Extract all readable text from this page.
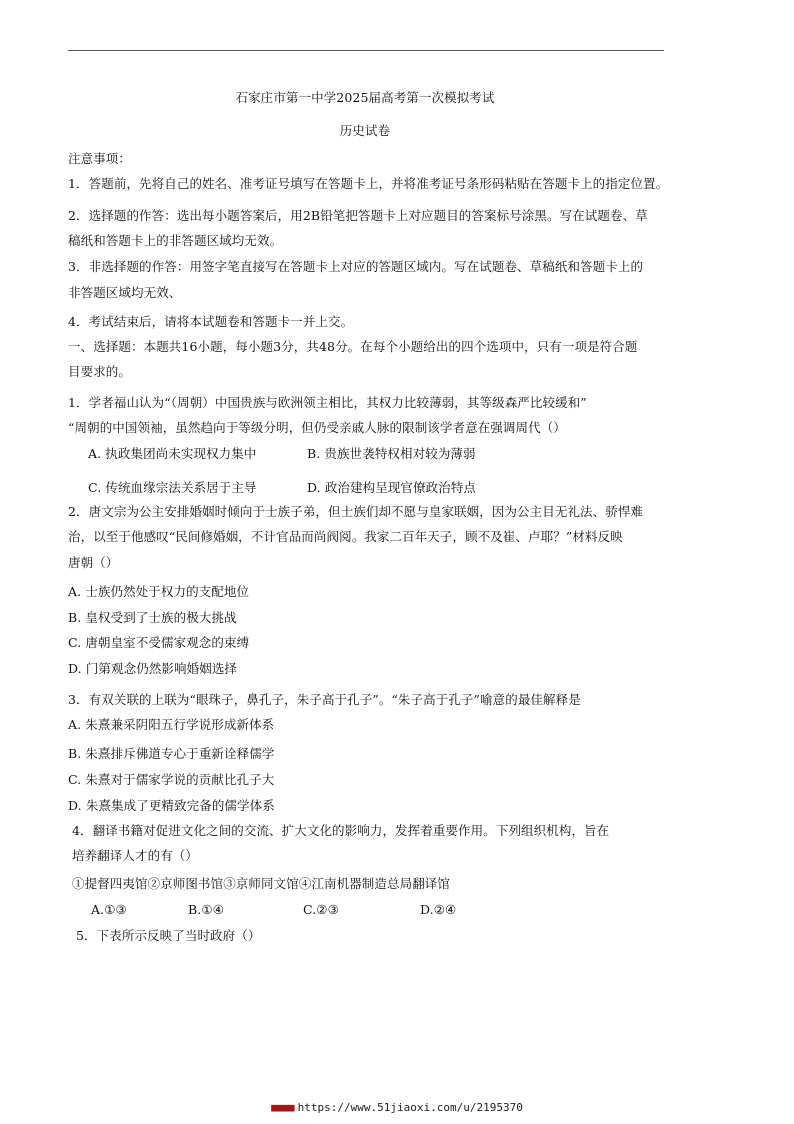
石家庄市第一中学2025届高考第一次模拟考试
历史试卷
注意事项：
1．答题前，先将自己的姓名、准考证号填写在答题卡上，并将准考证号条形码粘贴在答题卡上的指定位置。
2．选择题的作答：选出每小题答案后，用2B铅笔把答题卡上对应题目的答案标号涂黑。写在试题卷、草
稿纸和答题卡上的非答题区域均无效。
3．非选择题的作答：用签字笔直接写在答题卡上对应的答题区域内。写在试题卷、草稿纸和答题卡上的
非答题区域均无效、
4．考试结束后，请将本试题卷和答题卡一并上交。
一、选择题：本题共16小题，每小题3分，共48分。在每个小题给出的四个选项中，只有一项是符合题
目要求的。
1．学者福山认为“（周朝）中国贵族与欧洲领主相比，其权力比较薄弱，其等级森严比较缓和”
“周朝的中国领袖，虽然趋向于等级分明，但仍受亲戚人脉的限制该学者意在强调周代（）
A. 执政集团尚未实现权力集中	B. 贵族世袭特权相对较为薄弱
C. 传统血缘宗法关系居于主导	D. 政治建构呈现官僚政治特点
2．唐文宗为公主安排婚姻时倾向于士族子弟，但士族们却不愿与皇家联姻，因为公主目无礼法、骄悍难
治，以至于他感叹“民间修婚姻，不计官品而尚阀阅。我家二百年天子，顾不及崔、卢耶？”材料反映
唐朝（）
A. 士族仍然处于权力的支配地位
B. 皇权受到了士族的极大挑战
C. 唐朝皇室不受儒家观念的束缚
D. 门第观念仍然影响婚姻选择
3．有双关联的上联为“眼珠子，鼻孔子，朱子高于孔子”。“朱子高于孔子”喻意的最佳解释是
A. 朱熹兼采阴阳五行学说形成新体系
B. 朱熹排斥佛道专心于重新诠释儒学
C. 朱熹对于儒家学说的贡献比孔子大
D. 朱熹集成了更精致完备的儒学体系
4．翻译书籍对促进文化之间的交流、扩大文化的影响力，发挥着重要作用。下列组织机构，旨在
培养翻译人才的有（）
①提督四夷馆②京师图书馆③京师同文馆④江南机器制造总局翻译馆
A.①③	B.①④	C.②③	D.②④
5．下表所示反映了当时政府（）
■■■■ https://www.51jiaoxi.com/u/2195370
